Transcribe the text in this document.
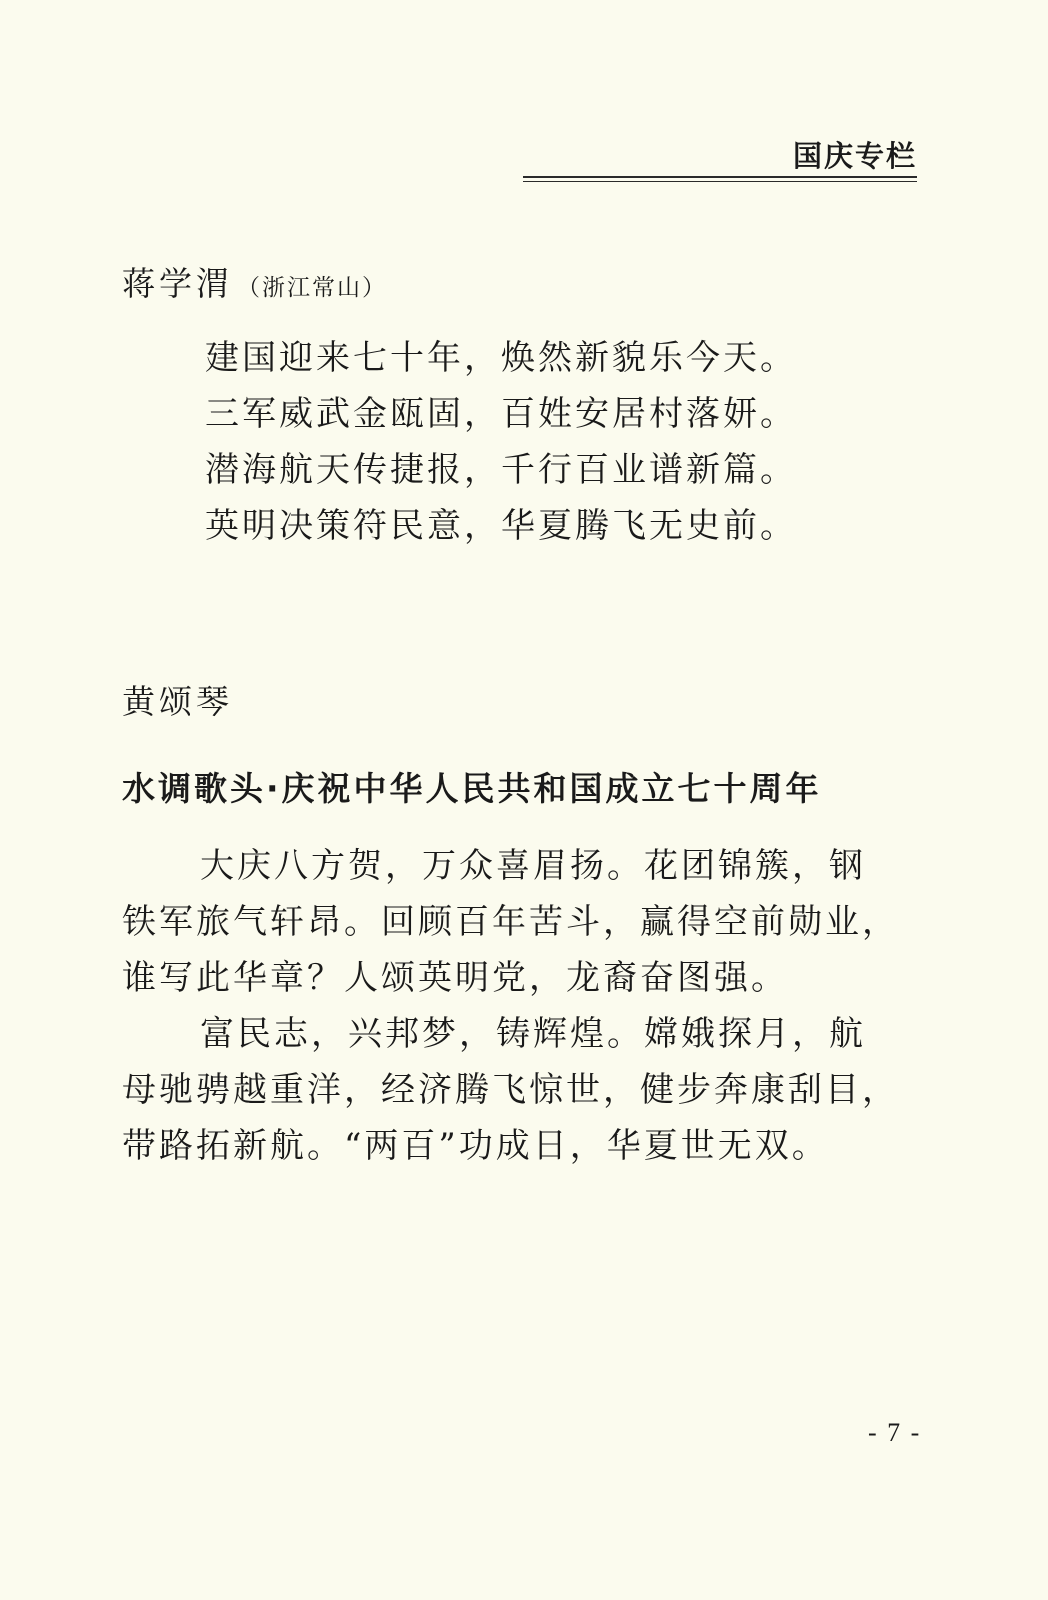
国庆专栏
蒋学渭 （浙江常山）
建国迎来七十年，焕然新貌乐今天。
三军威武金瓯固，百姓安居村落妍。
潜海航天传捷报，千行百业谱新篇。
英明决策符民意，华夏腾飞无史前。
黄颂琴
水调歌头·庆祝中华人民共和国成立七十周年
大庆八方贺，万众喜眉扬。花团锦簇，钢
铁军旅气轩昂。回顾百年苦斗，赢得空前勋业，
谁写此华章？人颂英明党，龙裔奋图强。
富民志，兴邦梦，铸辉煌。嫦娥探月，航
母驰骋越重洋，经济腾飞惊世，健步奔康刮目，
带路拓新航。“两百”功成日，华夏世无双。
- 7 -
